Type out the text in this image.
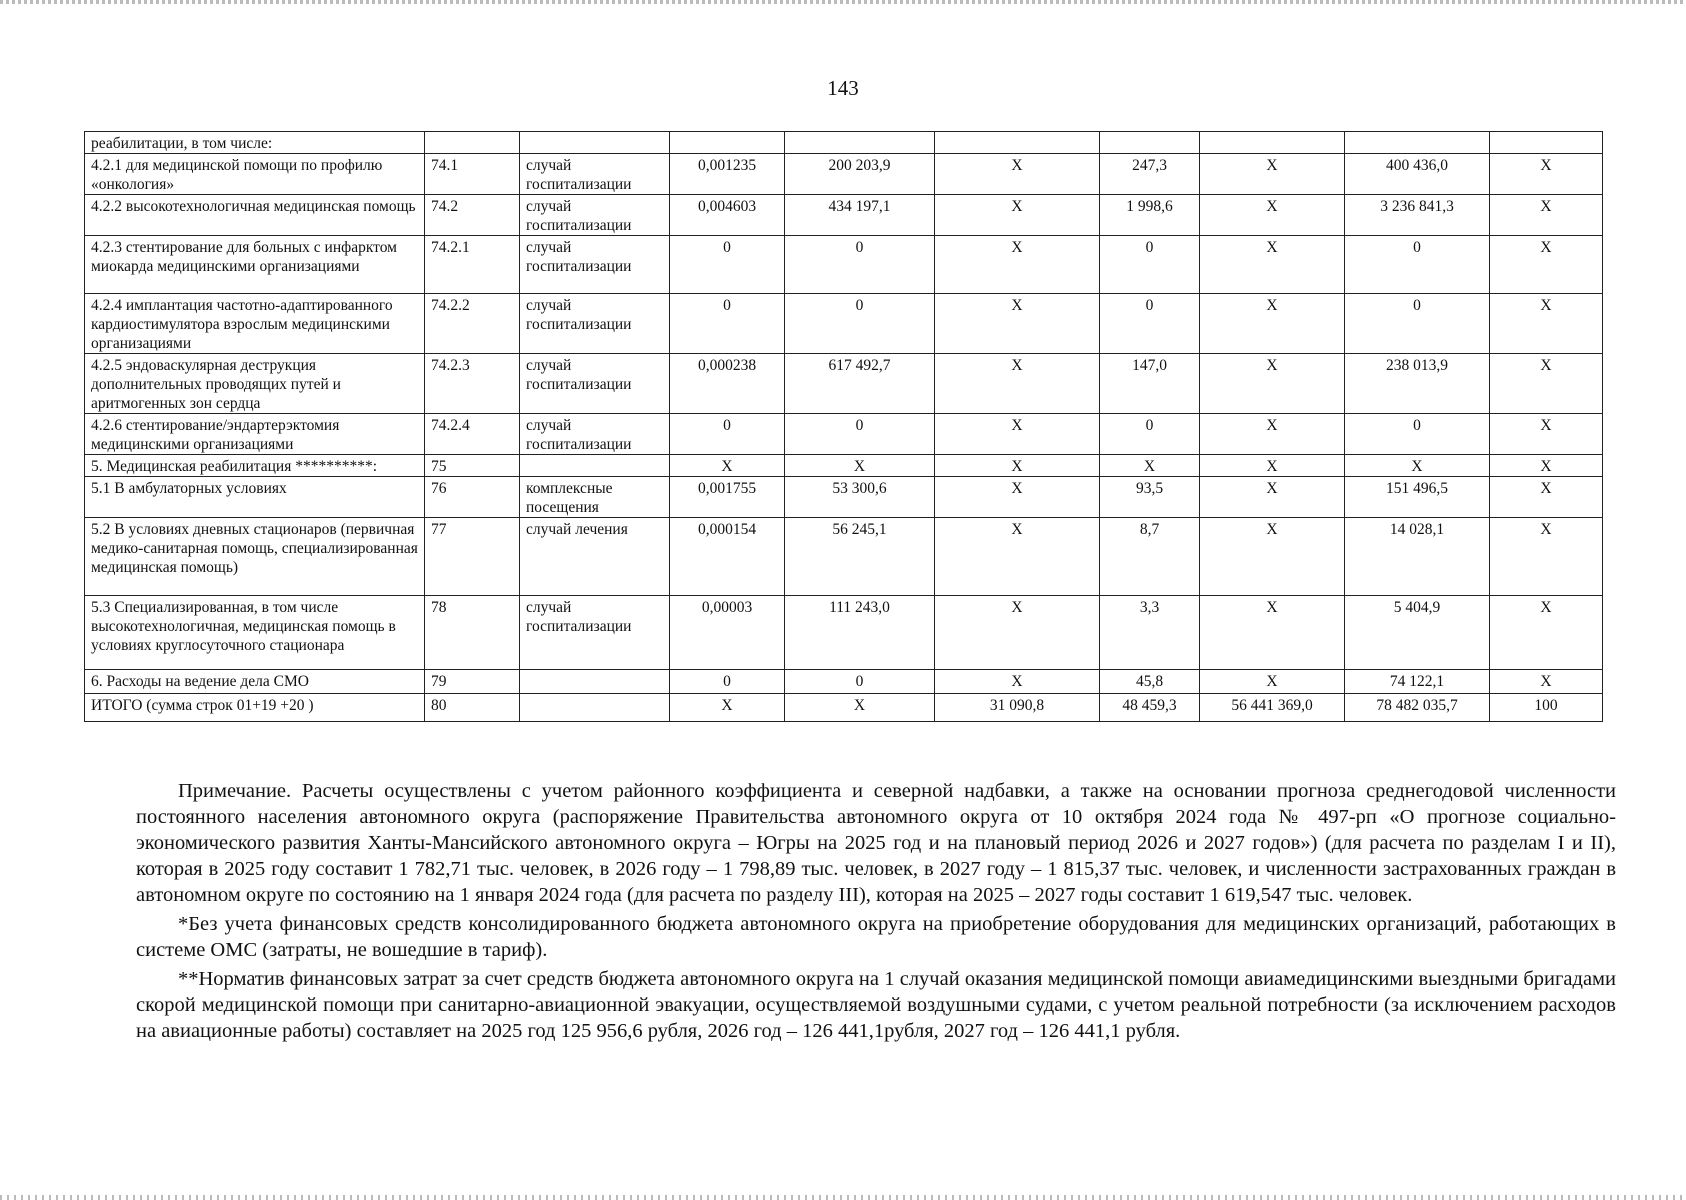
143
реабилитации, в том числе:									
4.2.1 для медицинской помощи по профилю «онкология»	74.1	случай госпитализации	0,001235	200 203,9	X	247,3	X	400 436,0	X
4.2.2 высокотехнологичная медицинская помощь	74.2	случай госпитализации	0,004603	434 197,1	X	1 998,6	X	3 236 841,3	X
4.2.3 стентирование для больных с инфарктом миокарда медицинскими организациями	74.2.1	случай госпитализации	0	0	X	0	X	0	X
4.2.4 имплантация частотно-адаптированного кардиостимулятора взрослым медицинскими организациями	74.2.2	случай госпитализации	0	0	X	0	X	0	X
4.2.5 эндоваскулярная деструкция дополнительных проводящих путей и аритмогенных зон сердца	74.2.3	случай госпитализации	0,000238	617 492,7	X	147,0	X	238 013,9	X
4.2.6 стентирование/эндартерэктомия медицинскими организациями	74.2.4	случай госпитализации	0	0	X	0	X	0	X
5. Медицинская реабилитация **********:	75		X	X	X	X	X	X	X
5.1 В амбулаторных условиях	76	комплексные посещения	0,001755	53 300,6	X	93,5	X	151 496,5	X
5.2 В условиях дневных стационаров (первичная медико-санитарная помощь, специализированная медицинская помощь)	77	случай лечения	0,000154	56 245,1	X	8,7	X	14 028,1	X
5.3 Специализированная, в том числе высокотехнологичная, медицинская помощь в условиях круглосуточного стационара	78	случай госпитализации	0,00003	111 243,0	X	3,3	X	5 404,9	X
6. Расходы на ведение дела СМО	79		0	0	X	45,8	X	74 122,1	X
ИТОГО (сумма строк 01+19 +20 )	80		X	X	31 090,8	48 459,3	56 441 369,0	78 482 035,7	100

Примечание. Расчеты осуществлены с учетом районного коэффициента и северной надбавки, а также на основании прогноза среднегодовой численности постоянного населения автономного округа (распоряжение Правительства автономного округа от 10 октября 2024 года № 497-рп «О прогнозе социально-экономического развития Ханты-Мансийского автономного округа – Югры на 2025 год и на плановый период 2026 и 2027 годов») (для расчета по разделам I и II), которая в 2025 году составит 1 782,71 тыс. человек, в 2026 году – 1 798,89 тыс. человек, в 2027 году – 1 815,37 тыс. человек, и численности застрахованных граждан в автономном округе по состоянию на 1 января 2024 года (для расчета по разделу III), которая на 2025 – 2027 годы составит 1 619,547 тыс. человек.

*Без учета финансовых средств консолидированного бюджета автономного округа на приобретение оборудования для медицинских организаций, работающих в системе ОМС (затраты, не вошедшие в тариф).

**Норматив финансовых затрат за счет средств бюджета автономного округа на 1 случай оказания медицинской помощи авиамедицинскими выездными бригадами скорой медицинской помощи при санитарно-авиационной эвакуации, осуществляемой воздушными судами, с учетом реальной потребности (за исключением расходов на авиационные работы) составляет на 2025 год 125 956,6 рубля, 2026 год – 126 441,1рубля, 2027 год – 126 441,1 рубля.
